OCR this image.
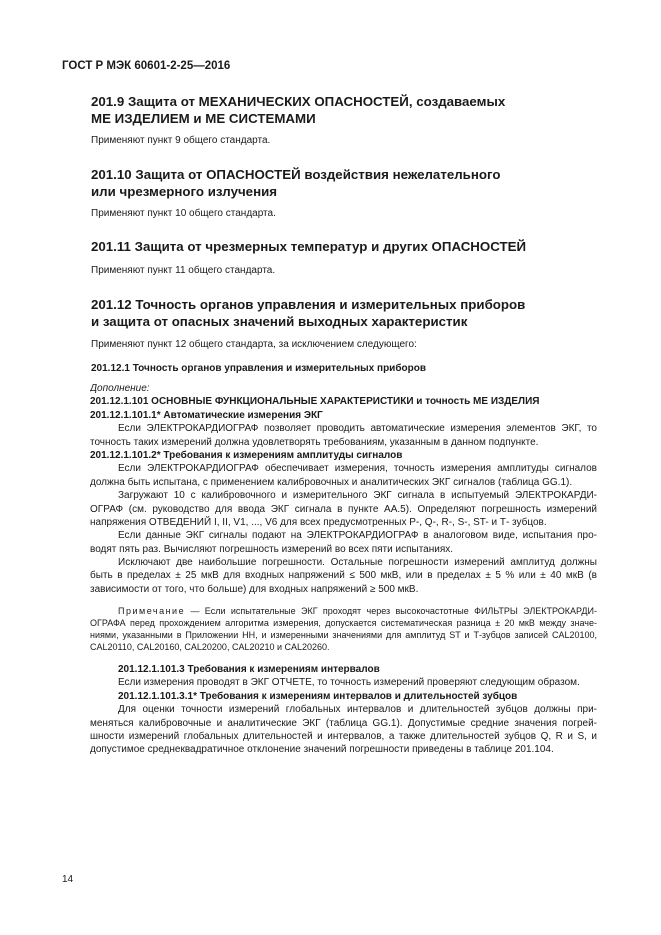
ГОСТ Р МЭК 60601-2-25—2016
201.9 Защита от МЕХАНИЧЕСКИХ ОПАСНОСТЕЙ, создаваемых
МЕ ИЗДЕЛИЕМ и МЕ СИСТЕМАМИ
Применяют пункт 9 общего стандарта.
201.10 Защита от ОПАСНОСТЕЙ воздействия нежелательного
или чрезмерного излучения
Применяют пункт 10 общего стандарта.
201.11 Защита от чрезмерных температур и других ОПАСНОСТЕЙ
Применяют пункт 11 общего стандарта.
201.12 Точность органов управления и измерительных приборов
и защита от опасных значений выходных характеристик
Применяют пункт 12 общего стандарта, за исключением следующего:
201.12.1 Точность органов управления и измерительных приборов
Дополнение:
201.12.1.101 ОСНОВНЫЕ ФУНКЦИОНАЛЬНЫЕ ХАРАКТЕРИСТИКИ и точность МЕ ИЗДЕЛИЯ
201.12.1.101.1* Автоматические измерения ЭКГ
Если ЭЛЕКТРОКАРДИОГРАФ позволяет проводить автоматические измерения элементов ЭКГ, то
точность таких измерений должна удовлетворять требованиям, указанным в данном подпункте.
201.12.1.101.2* Требования к измерениям амплитуды сигналов
Если ЭЛЕКТРОКАРДИОГРАФ обеспечивает измерения, точность измерения амплитуды сигналов
должна быть испытана, с применением калибровочных и аналитических ЭКГ сигналов (таблица GG.1).
Загружают 10 с калибровочного и измерительного ЭКГ сигнала в испытуемый ЭЛЕКТРОКАРДИ-
ОГРАФ (см. руководство для ввода ЭКГ сигнала в пункте АА.5). Определяют погрешность измерений
напряжения ОТВЕДЕНИЙ I, II, V1, ..., V6 для всех предусмотренных Р-, Q-, R-, S-, ST- и Т- зубцов.
Если данные ЭКГ сигналы подают на ЭЛЕКТРОКАРДИОГРАФ в аналоговом виде, испытания про-
водят пять раз. Вычисляют погрешность измерений во всех пяти испытаниях.
Исключают две наибольшие погрешности. Остальные погрешности измерений амплитуд должны
быть в пределах ± 25 мкВ для входных напряжений ≤ 500 мкВ, или в пределах ± 5 % или ± 40 мкВ (в
зависимости от того, что больше) для входных напряжений ≥ 500 мкВ.
Примечание — Если испытательные ЭКГ проходят через высокочастотные ФИЛЬТРЫ ЭЛЕКТРОКАРДИ-
ОГРАФА перед прохождением алгоритма измерения, допускается систематическая разница ± 20 мкВ между значе-
ниями, указанными в Приложении НН, и измеренными значениями для амплитуд ST и Т-зубцов записей CAL20100,
CAL20110, CAL20160, CAL20200, CAL20210 и CAL20260.
201.12.1.101.3 Требования к измерениям интервалов
Если измерения проводят в ЭКГ ОТЧЕТЕ, то точность измерений проверяют следующим образом.
201.12.1.101.3.1* Требования к измерениям интервалов и длительностей зубцов
Для оценки точности измерений глобальных интервалов и длительностей зубцов должны при-
меняться калибровочные и аналитические ЭКГ (таблица GG.1). Допустимые средние значения погрей-
шности измерений глобальных длительностей и интервалов, а также длительностей зубцов Q, R и S, и
допустимое среднеквадратичное отклонение значений погрешности приведены в таблице 201.104.
14
